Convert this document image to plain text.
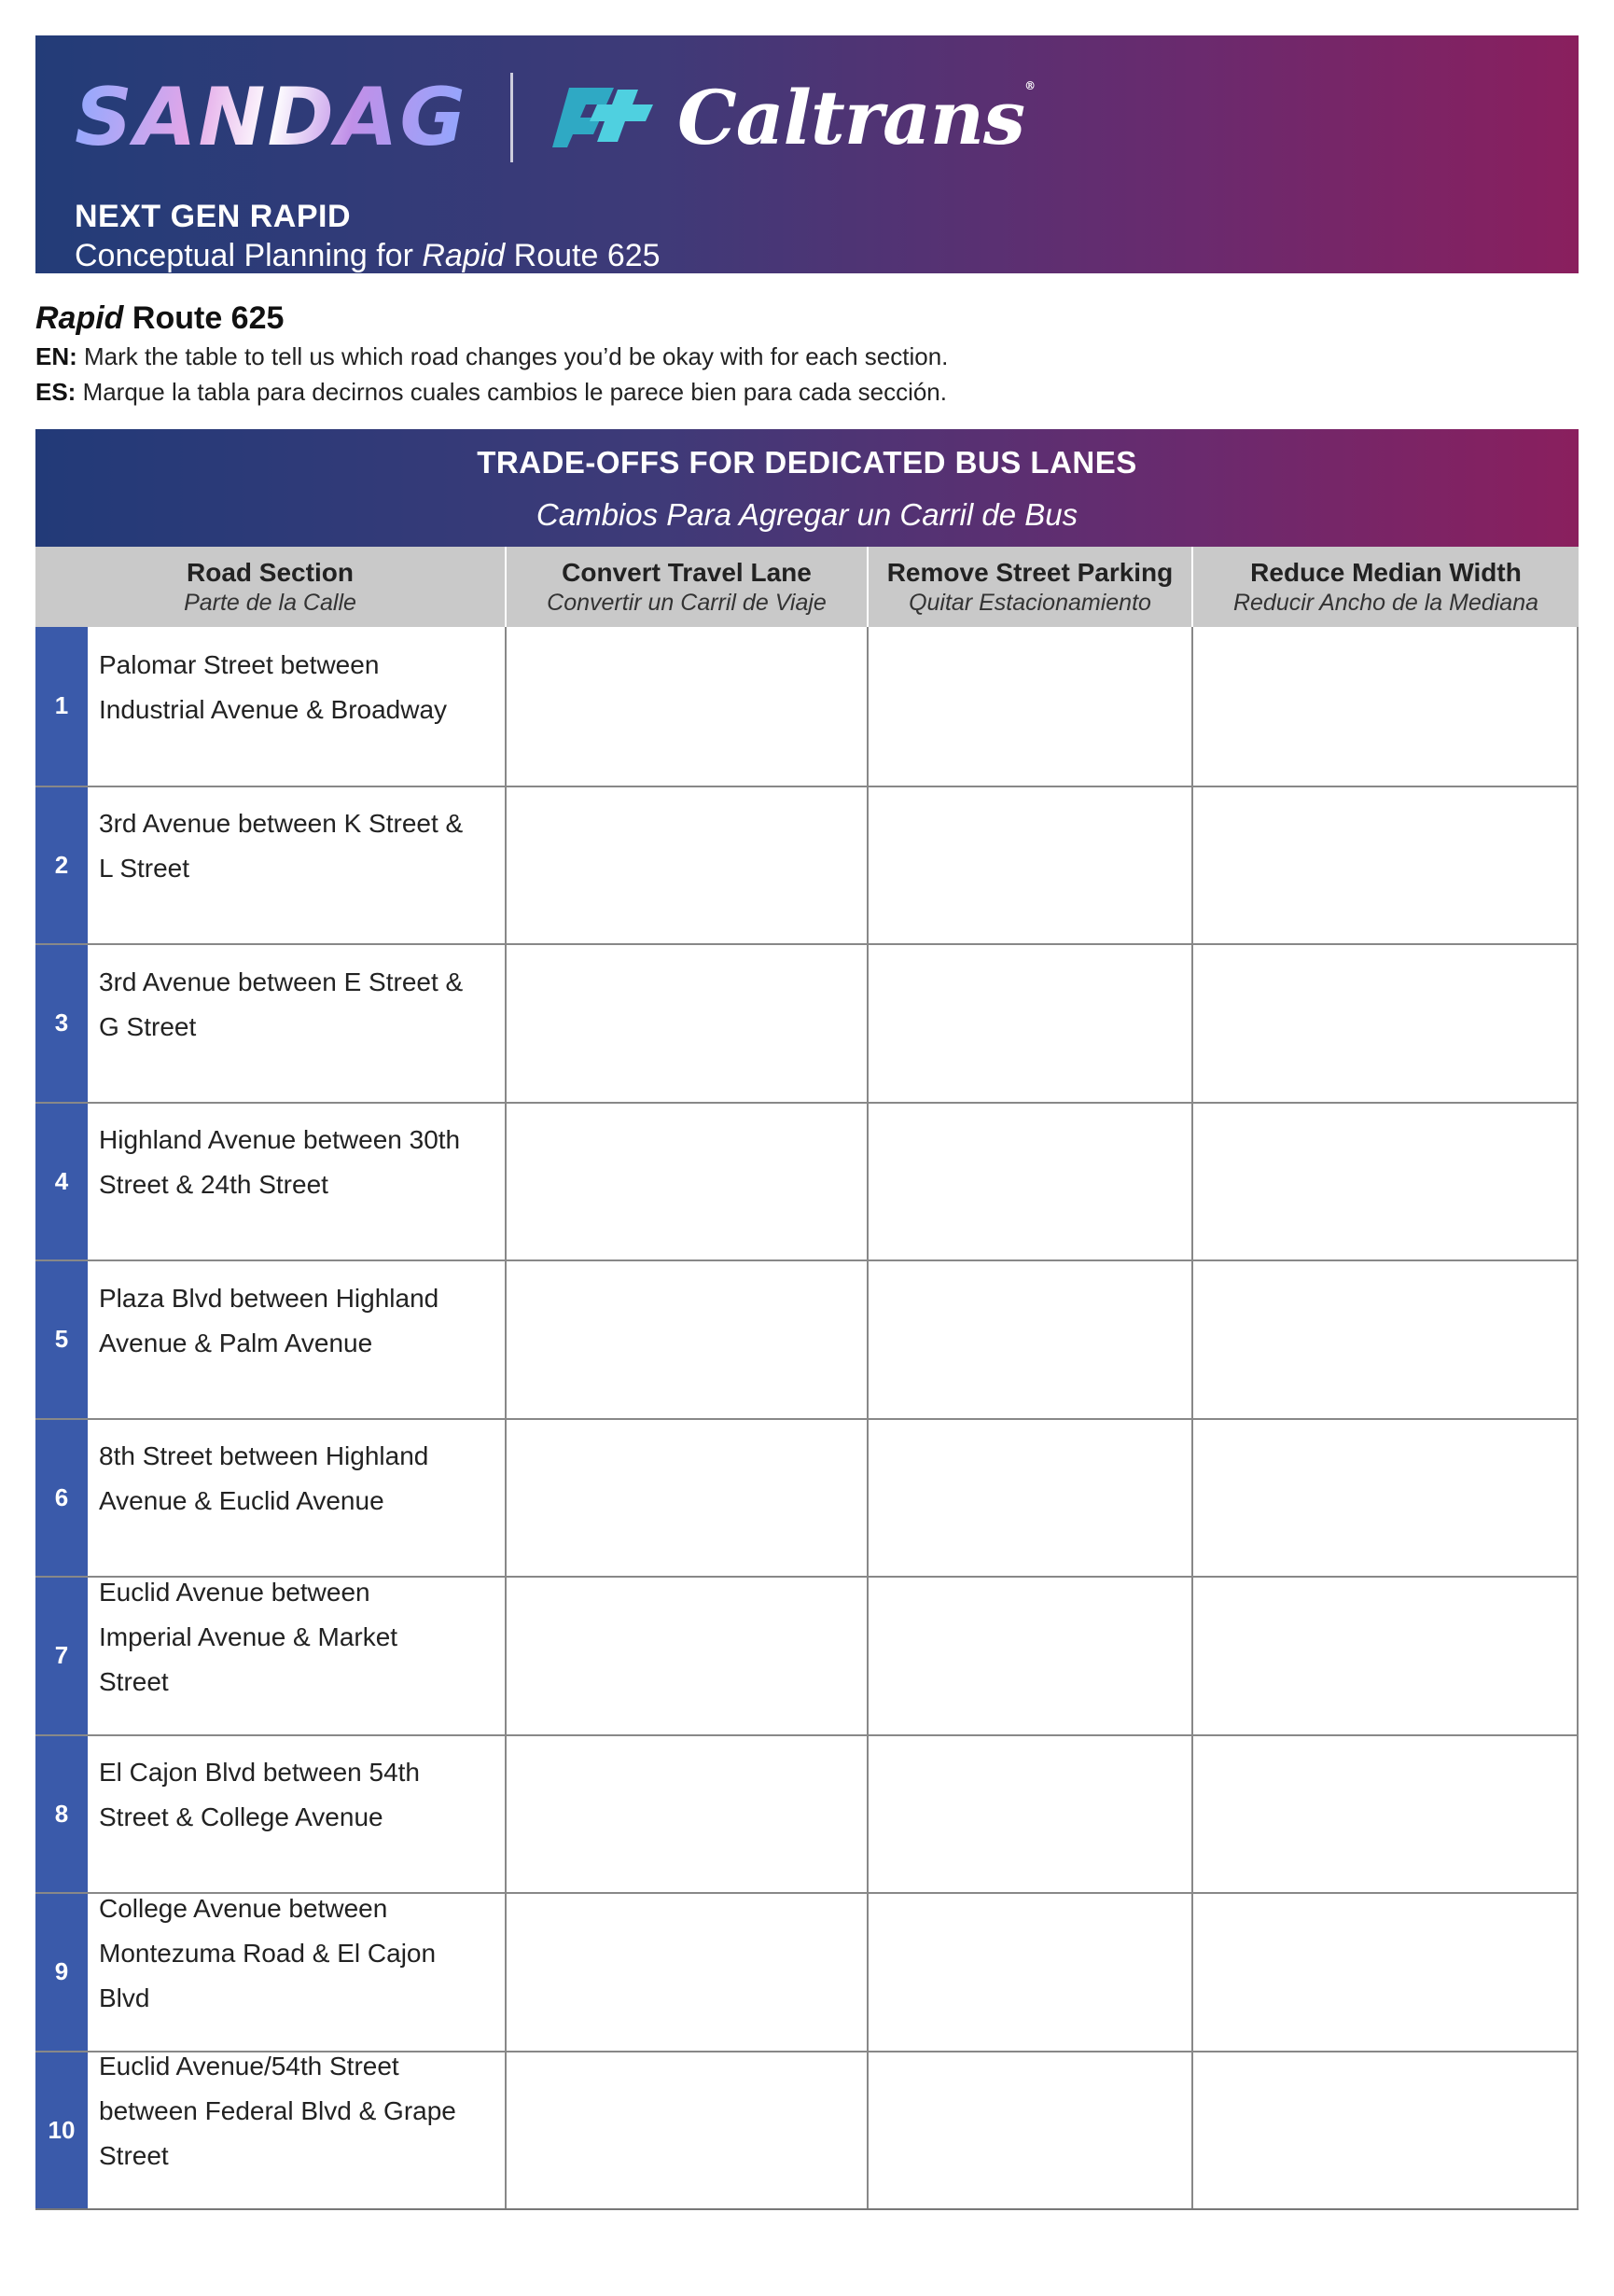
SANDAG	Caltrans®
NEXT GEN RAPID
Conceptual Planning for Rapid Route 625
Rapid Route 625
EN: Mark the table to tell us which road changes you’d be okay with for each section.
ES: Marque la tabla para decirnos cuales cambios le parece bien para cada sección.
TRADE-OFFS FOR DEDICATED BUS LANES
Cambios Para Agregar un Carril de Bus
Road Section
Parte de la Calle
Convert Travel Lane
Convertir un Carril de Viaje
Remove Street Parking
Quitar Estacionamiento
Reduce Median Width
Reducir Ancho de la Mediana
1
Palomar Street between

Industrial Avenue & Broadway
2
3rd Avenue between K Street &

L Street
3
3rd Avenue between E Street &

G Street
4
Highland Avenue between 30th

Street & 24th Street
5
Plaza Blvd between Highland

Avenue & Palm Avenue
6
8th Street between Highland

Avenue & Euclid Avenue
7
Euclid Avenue between

Imperial Avenue & Market

Street
8
El Cajon Blvd between 54th

Street & College Avenue
9
College Avenue between

Montezuma Road & El Cajon

Blvd
10
Euclid Avenue/54th Street

between Federal Blvd & Grape

Street
